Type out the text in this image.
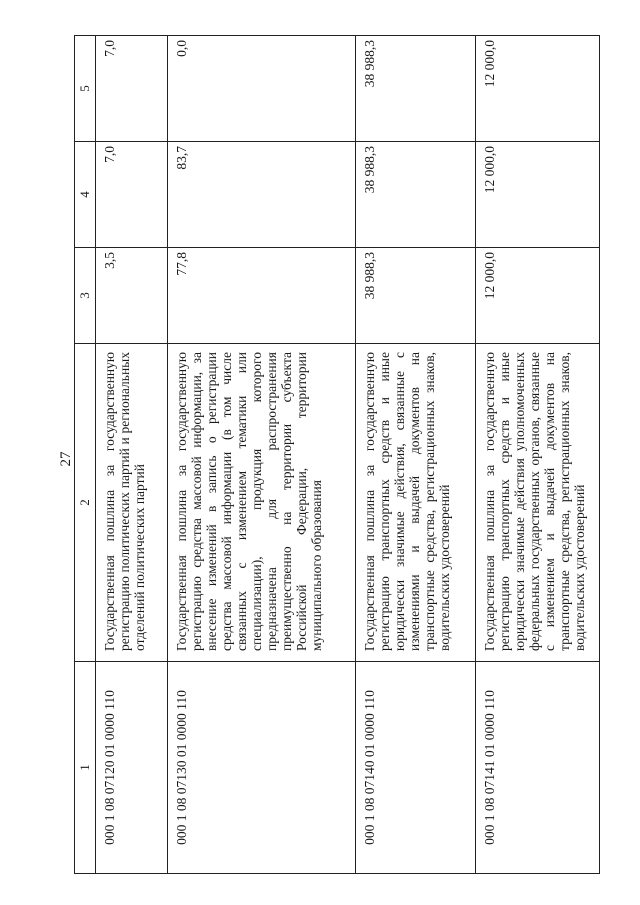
27
1	2	3	4	5
000 1 08 07120 01 0000 110	Государственная пошлина за государственную регистрацию политических партий и региональных отделений политических партий	3,5	7,0	7,0
000 1 08 07130 01 0000 110	Государственная пошлина за государственную регистрацию средства массовой информации, за внесение изменений в запись о регистрации средства массовой информации (в том числе связанных с изменением тематики или специализации), продукция которого предназначена для распространения преимущественно на территории субъекта Российской Федерации, территории муниципального образования	77,8	83,7	0,0
000 1 08 07140 01 0000 110	Государственная пошлина за государственную регистрацию транспортных средств и иные юридически значимые действия, связанные с изменениями и выдачей документов на транспортные средства, регистрационных знаков, водительских удостоверений	38 988,3	38 988,3	38 988,3
000 1 08 07141 01 0000 110	Государственная пошлина за государственную регистрацию транспортных средств и иные юридически значимые действия уполномоченных федеральных государственных органов, связанные с изменением и выдачей документов на транспортные средства, регистрационных знаков, водительских удостоверений	12 000,0	12 000,0	12 000,0
